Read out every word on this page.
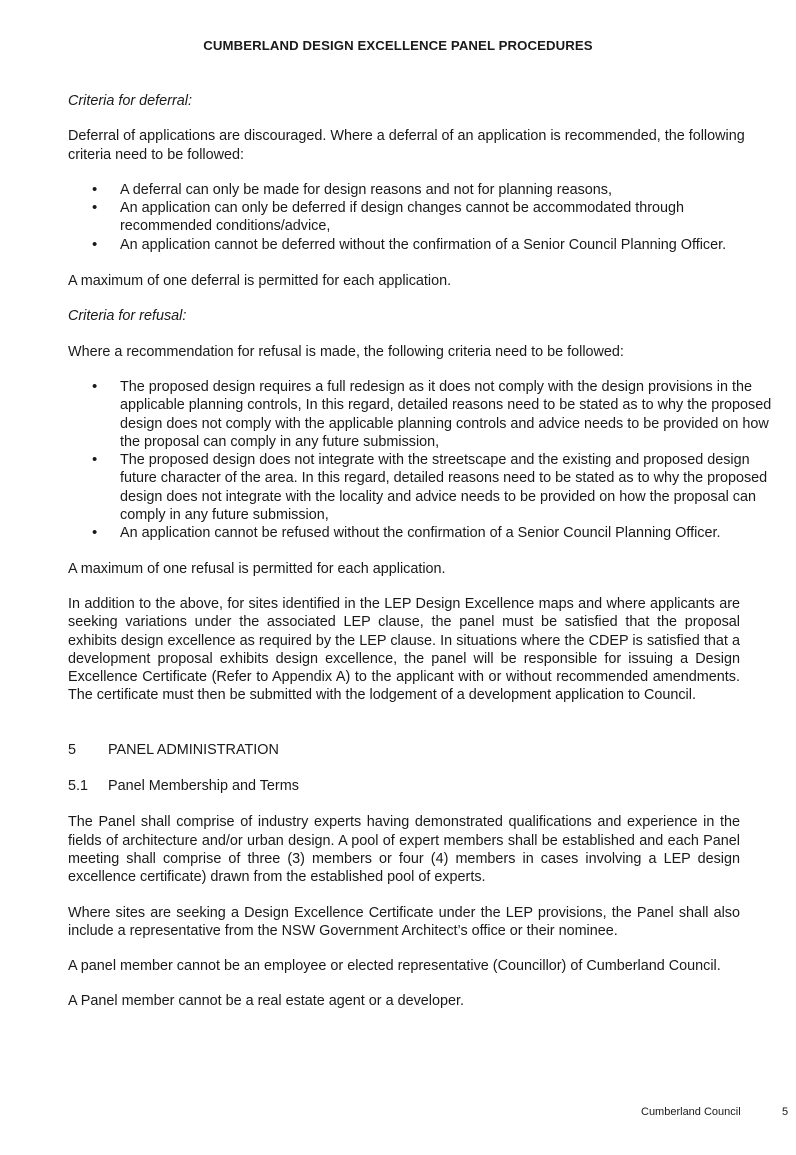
CUMBERLAND DESIGN EXCELLENCE PANEL PROCEDURES

Criteria for deferral:

Deferral of applications are discouraged. Where a deferral of an application is recommended, the following criteria need to be followed:

• A deferral can only be made for design reasons and not for planning reasons,
• An application can only be deferred if design changes cannot be accommodated through recommended conditions/advice,
• An application cannot be deferred without the confirmation of a Senior Council Planning Officer.

A maximum of one deferral is permitted for each application.

Criteria for refusal:

Where a recommendation for refusal is made, the following criteria need to be followed:

• The proposed design requires a full redesign as it does not comply with the design provisions in the applicable planning controls, In this regard, detailed reasons need to be stated as to why the proposed design does not comply with the applicable planning controls and advice needs to be provided on how the proposal can comply in any future submission,
• The proposed design does not integrate with the streetscape and the existing and proposed design future character of the area. In this regard, detailed reasons need to be stated as to why the proposed design does not integrate with the locality and advice needs to be provided on how the proposal can comply in any future submission,
• An application cannot be refused without the confirmation of a Senior Council Planning Officer.

A maximum of one refusal is permitted for each application.

In addition to the above, for sites identified in the LEP Design Excellence maps and where applicants are seeking variations under the associated LEP clause, the panel must be satisfied that the proposal exhibits design excellence as required by the LEP clause. In situations where the CDEP is satisfied that a development proposal exhibits design excellence, the panel will be responsible for issuing a Design Excellence Certificate (Refer to Appendix A) to the applicant with or without recommended amendments. The certificate must then be submitted with the lodgement of a development application to Council.

5 PANEL ADMINISTRATION

5.1 Panel Membership and Terms

The Panel shall comprise of industry experts having demonstrated qualifications and experience in the fields of architecture and/or urban design. A pool of expert members shall be established and each Panel meeting shall comprise of three (3) members or four (4) members in cases involving a LEP design excellence certificate) drawn from the established pool of experts.

Where sites are seeking a Design Excellence Certificate under the LEP provisions, the Panel shall also include a representative from the NSW Government Architect’s office or their nominee.

A panel member cannot be an employee or elected representative (Councillor) of Cumberland Council.

A Panel member cannot be a real estate agent or a developer.

Cumberland Council	5
